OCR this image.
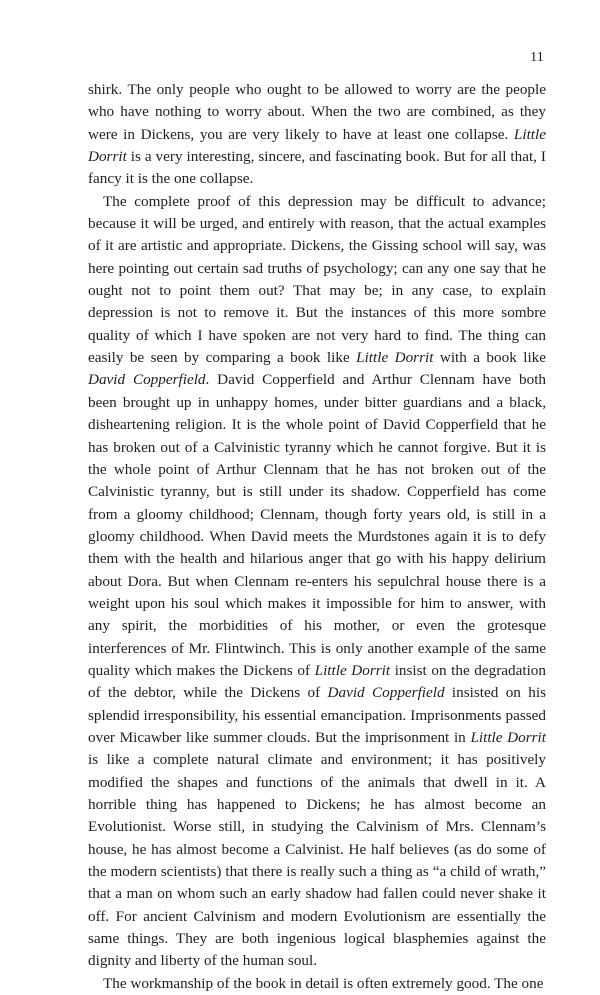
11

shirk. The only people who ought to be allowed to worry are the people who have nothing to worry about. When the two are combined, as they were in Dickens, you are very likely to have at least one collapse. Little Dorrit is a very interesting, sincere, and fascinating book. But for all that, I fancy it is the one collapse.

The complete proof of this depression may be difficult to advance; because it will be urged, and entirely with reason, that the actual examples of it are artistic and appropriate. Dickens, the Gissing school will say, was here pointing out certain sad truths of psychology; can any one say that he ought not to point them out? That may be; in any case, to explain depression is not to remove it. But the instances of this more sombre quality of which I have spoken are not very hard to find. The thing can easily be seen by comparing a book like Little Dorrit with a book like David Copperfield. David Copperfield and Arthur Clennam have both been brought up in unhappy homes, under bitter guardians and a black, disheartening religion. It is the whole point of David Copperfield that he has broken out of a Calvinistic tyranny which he cannot forgive. But it is the whole point of Arthur Clennam that he has not broken out of the Calvinistic tyranny, but is still under its shadow. Copperfield has come from a gloomy childhood; Clennam, though forty years old, is still in a gloomy childhood. When David meets the Murdstones again it is to defy them with the health and hilarious anger that go with his happy delirium about Dora. But when Clennam re-enters his sepulchral house there is a weight upon his soul which makes it impossible for him to answer, with any spirit, the morbidities of his mother, or even the grotesque interferences of Mr. Flintwinch. This is only another example of the same quality which makes the Dickens of Little Dorrit insist on the degradation of the debtor, while the Dickens of David Copperfield insisted on his splendid irresponsibility, his essential emancipation. Imprisonments passed over Micawber like summer clouds. But the imprisonment in Little Dorrit is like a complete natural climate and environment; it has positively modified the shapes and functions of the animals that dwell in it. A horrible thing has happened to Dickens; he has almost become an Evolutionist. Worse still, in studying the Calvinism of Mrs. Clennam’s house, he has almost become a Calvinist. He half believes (as do some of the modern scientists) that there is really such a thing as “a child of wrath,” that a man on whom such an early shadow had fallen could never shake it off. For ancient Calvinism and modern Evolutionism are essentially the same things. They are both ingenious logical blasphemies against the dignity and liberty of the human soul.

The workmanship of the book in detail is often extremely good. The one
